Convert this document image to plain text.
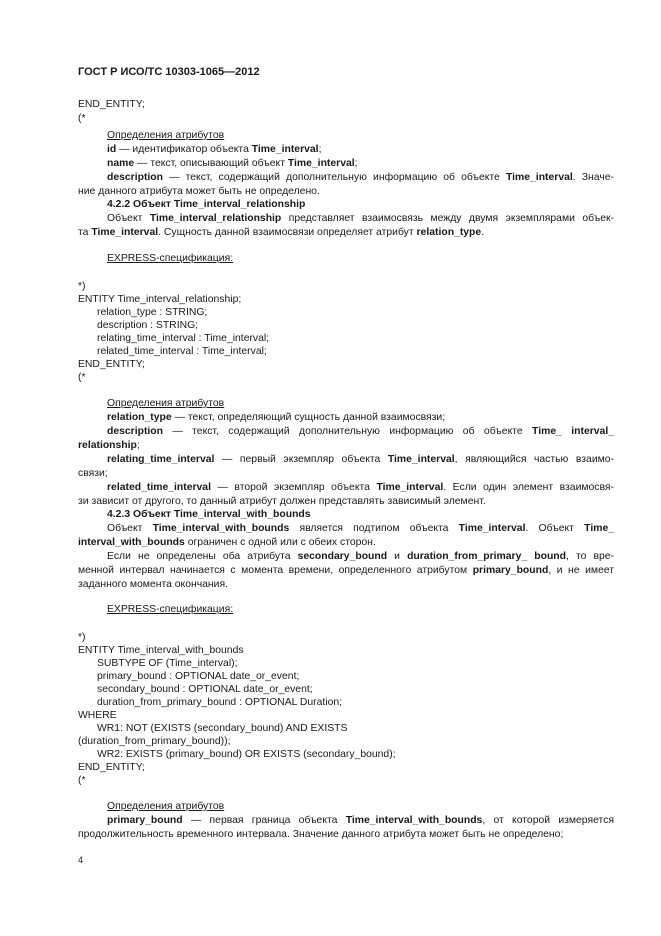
ГОСТ Р ИСО/ТС 10303-1065—2012
END_ENTITY;
(*
Определения атрибутов
id — идентификатор объекта Time_interval;
name — текст, описывающий объект Time_interval;
description — текст, содержащий дополнительную информацию об объекте Time_interval. Значе-
ние данного атрибута может быть не определено.
4.2.2 Объект Time_interval_relationship
Объект Time_interval_relationship представляет взаимосвязь между двумя экземплярами объек-
та Time_interval. Сущность данной взаимосвязи определяет атрибут relation_type.
EXPRESS-спецификация:
*)
ENTITY Time_interval_relationship;
relation_type : STRING;
description : STRING;
relating_time_interval : Time_interval;
related_time_interval : Time_interval;
END_ENTITY;
(*
Определения атрибутов
relation_type — текст, определяющий сущность данной взаимосвязи;
description — текст, содержащий дополнительную информацию об объекте Time_ interval_
relationship;
relating_time_interval — первый экземпляр объекта Time_interval, являющийся частью взаимо-
связи;
related_time_interval — второй экземпляр объекта Time_interval. Если один элемент взаимосвя-
зи зависит от другого, то данный атрибут должен представлять зависимый элемент.
4.2.3 Объект Time_interval_with_bounds
Объект Time_interval_with_bounds является подтипом объекта Time_interval. Объект Time_
interval_with_bounds ограничен с одной или с обеих сторон.
Если не определены оба атрибута secondary_bound и duration_from_primary_ bound, то вре-
менной интервал начинается с момента времени, определенного атрибутом primary_bound, и не имеет
заданного момента окончания.
EXPRESS-спецификация:
*)
ENTITY Time_interval_with_bounds
SUBTYPE OF (Time_interval);
primary_bound : OPTIONAL date_or_event;
secondary_bound : OPTIONAL date_or_event;
duration_from_primary_bound : OPTIONAL Duration;
WHERE
WR1: NOT (EXISTS (secondary_bound) AND EXISTS
(duration_from_primary_bound));
WR2: EXISTS (primary_bound) OR EXISTS (secondary_bound);
END_ENTITY;
(*
Определения атрибутов
primary_bound — первая граница объекта Time_interval_with_bounds, от которой измеряется
продолжительность временного интервала. Значение данного атрибута может быть не определено;
4
